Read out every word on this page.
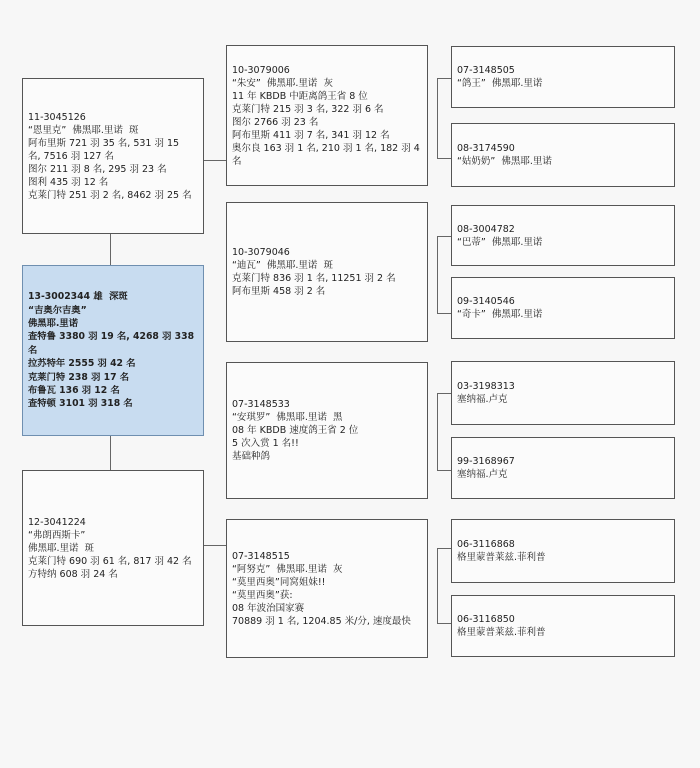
11-3045126
“恩里克”  佛黑耶.里诺  斑
阿布里斯 721 羽 35 名, 531 羽 15
名, 7516 羽 127 名
图尔 211 羽 8 名, 295 羽 23 名
图利 435 羽 12 名
克莱门特 251 羽 2 名, 8462 羽 25 名
13-3002344 雄  深斑
“吉奥尔吉奥”
佛黑耶.里诺
查特鲁 3380 羽 19 名, 4268 羽 338
名
拉苏特年 2555 羽 42 名
克莱门特 238 羽 17 名
布鲁瓦 136 羽 12 名
查特顿 3101 羽 318 名
12-3041224
“弗朗西斯卡”
佛黑耶.里诺  斑
克莱门特 690 羽 61 名, 817 羽 42 名
方特纳 608 羽 24 名
10-3079006
“朱安”  佛黑耶.里诺  灰
11 年 KBDB 中距离鸽王省 8 位
克莱门特 215 羽 3 名, 322 羽 6 名
图尔 2766 羽 23 名
阿布里斯 411 羽 7 名, 341 羽 12 名
奥尔良 163 羽 1 名, 210 羽 1 名, 182 羽 4
名
10-3079046
“迪瓦”  佛黑耶.里诺  斑
克莱门特 836 羽 1 名, 11251 羽 2 名
阿布里斯 458 羽 2 名
07-3148533
“安琪罗”  佛黑耶.里诺  黑
08 年 KBDB 速度鸽王省 2 位
5 次入赏 1 名!!
基础种鸽
07-3148515
“阿努克”  佛黑耶.里诺  灰
“莫里西奥”同窝姐妹!!
“莫里西奥”获:
08 年波治国家赛
70889 羽 1 名, 1204.85 米/分, 速度最快
07-3148505
“鸽王”  佛黑耶.里诺
08-3174590
“姑奶奶”  佛黑耶.里诺
08-3004782
“巴蒂”  佛黑耶.里诺
09-3140546
“奇卡”  佛黑耶.里诺
03-3198313
塞纳福.卢克
99-3168967
塞纳福.卢克
06-3116868
格里蒙普莱兹.菲利普
06-3116850
格里蒙普莱兹.菲利普
